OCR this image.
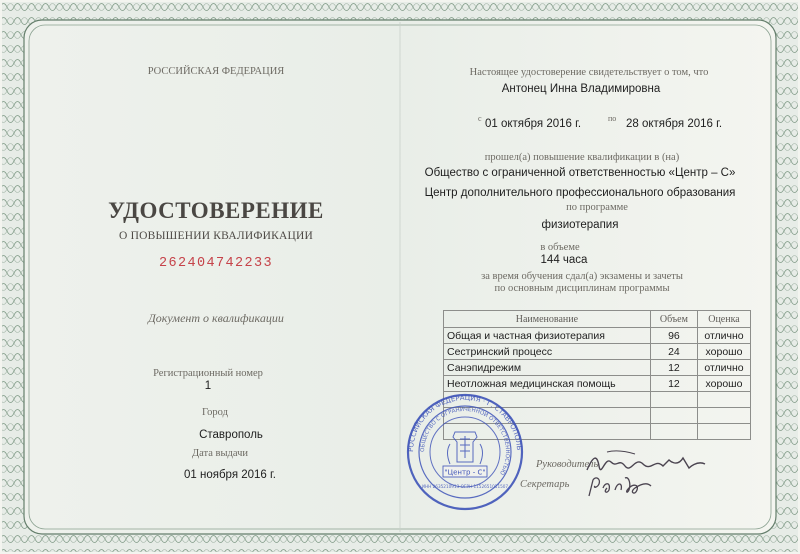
РОССИЙСКАЯ ФЕДЕРАЦИЯ
УДОСТОВЕРЕНИЕ
О ПОВЫШЕНИИ КВАЛИФИКАЦИИ
262404742233
Документ о квалификации
Регистрационный номер
1
Город
Ставрополь
Дата выдачи
01 ноября 2016 г.
Настоящее удостоверение свидетельствует о том, что
Антонец Инна Владимировна
с 01 октября 2016 г.	по 28 октября 2016 г.
прошел(а) повышение квалификации в (на)
Общество с ограниченной ответственностью «Центр – С»
Центр дополнительного профессионального образования
по программе
физиотерапия
в объеме
144 часа
за время обучения сдал(а) экзамены и зачеты
по основным дисциплинам программы
Наименование	Объем	Оценка
Общая и частная физиотерапия	96	отлично
Сестринский процесс	24	хорошо
Санэпидрежим	12	отлично
Неотложная медицинская помощь	12	хорошо

РОССИЙСКАЯ ФЕДЕРАЦИЯ · Г. СТАВРОПОЛЬ
ОБЩЕСТВО С ОГРАНИЧЕННОЙ ОТВЕТСТВЕННОСТЬЮ
"Центр - С"
ИНН 2635210913 ОГРН 1152651011507
Руководитель
Секретарь
